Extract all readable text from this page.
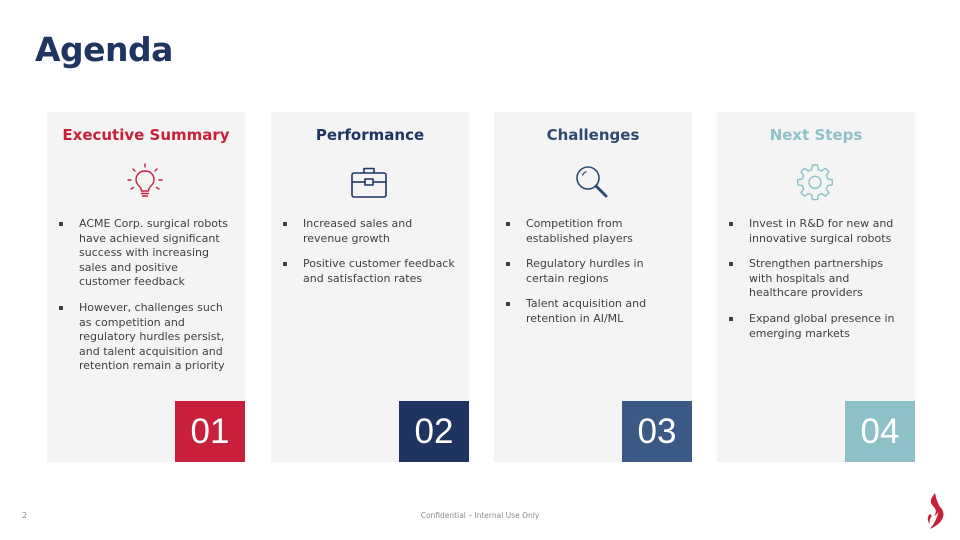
Agenda
Executive Summary
ACME Corp. surgical robots have achieved significant success with increasing sales and positive customer feedback
However, challenges such as competition and regulatory hurdles persist, and talent acquisition and retention remain a priority
01
Performance
Increased sales and revenue growth
Positive customer feedback and satisfaction rates
02
Challenges
Competition from established players
Regulatory hurdles in certain regions
Talent acquisition and retention in AI/ML
03
Next Steps
Invest in R&D for new and innovative surgical robots
Strengthen partnerships with hospitals and healthcare providers
Expand global presence in emerging markets
04
2	Confidential – Internal Use Only
